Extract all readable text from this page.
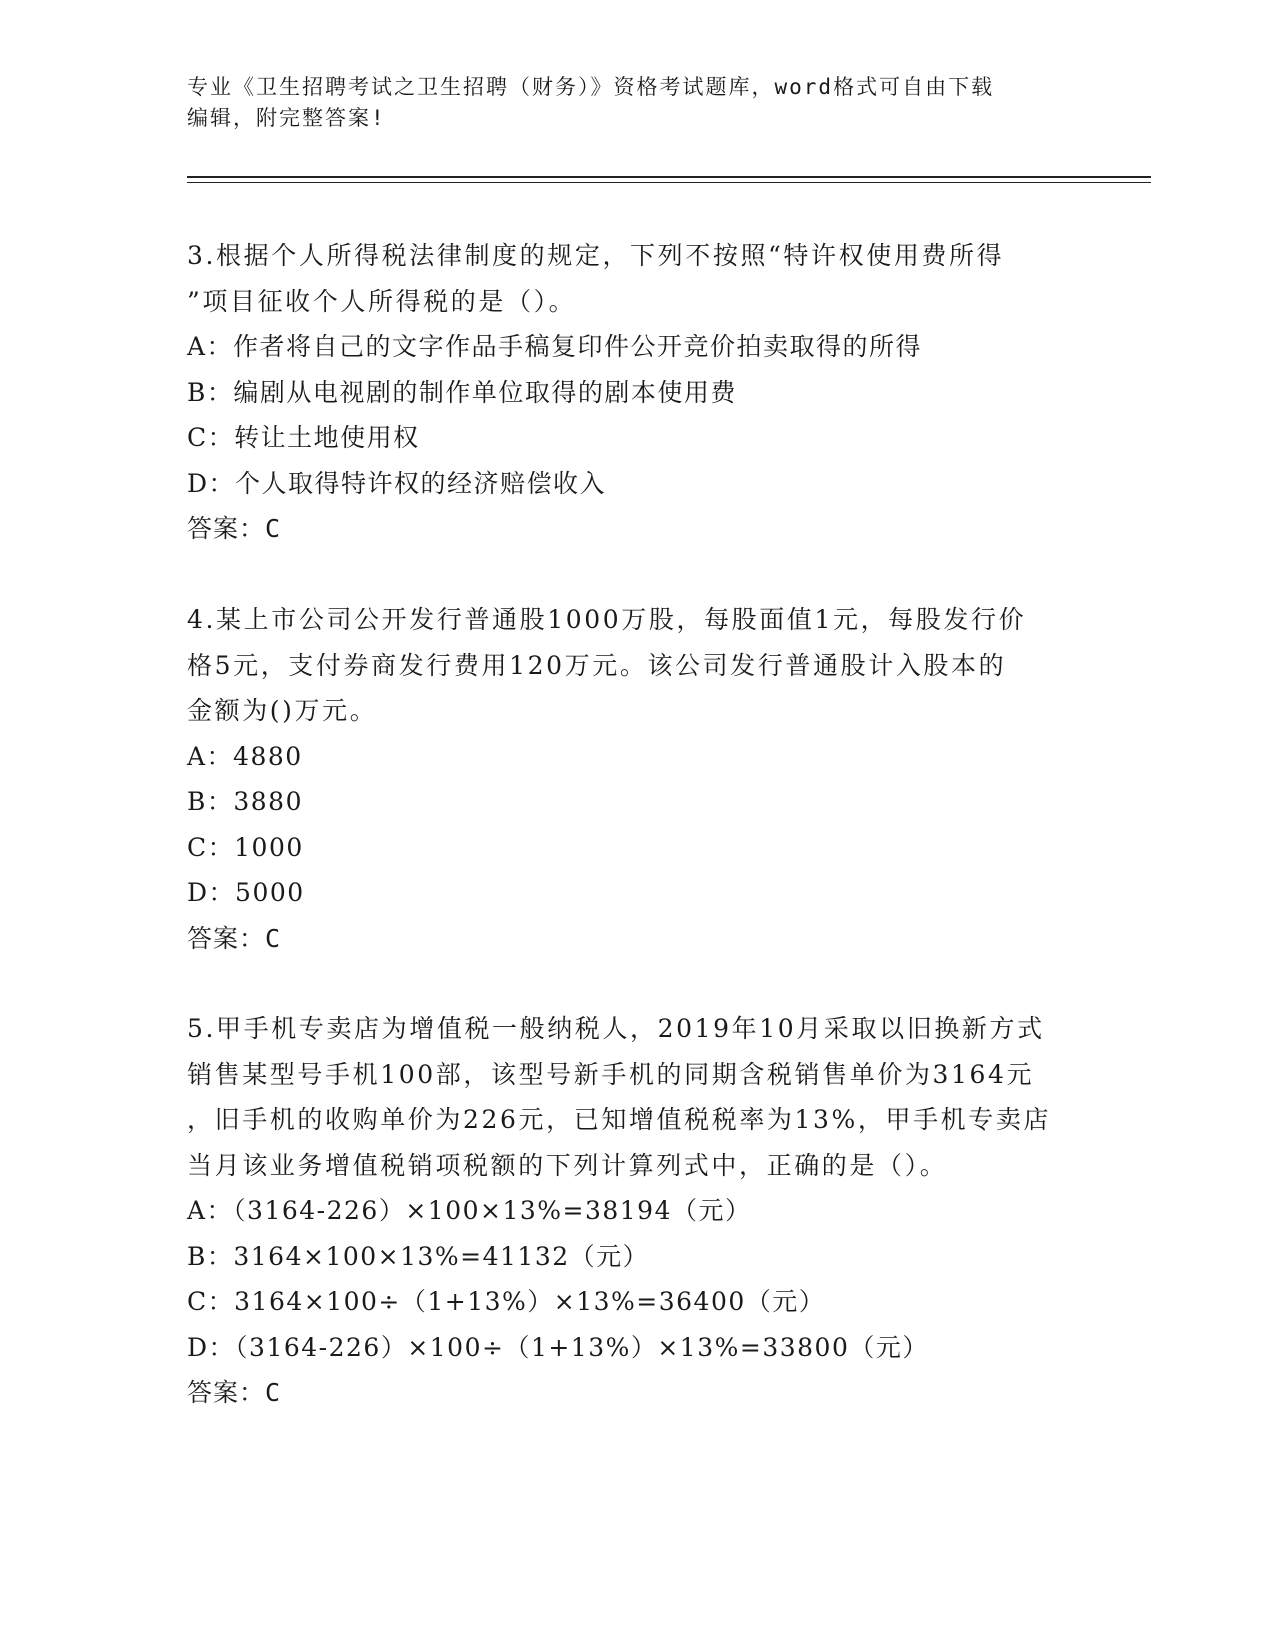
专业《卫生招聘考试之卫生招聘（财务）》资格考试题库，word格式可自由下载
编辑，附完整答案!

3.根据个人所得税法律制度的规定，下列不按照“特许权使用费所得
”项目征收个人所得税的是（）。

A：作者将自己的文字作品手稿复印件公开竞价拍卖取得的所得

B：编剧从电视剧的制作单位取得的剧本使用费

C：转让土地使用权

D：个人取得特许权的经济赔偿收入

答案：C

4.某上市公司公开发行普通股1000万股，每股面值1元，每股发行价
格5元，支付券商发行费用120万元。该公司发行普通股计入股本的
金额为()万元。

A：4880

B：3880

C：1000

D：5000

答案：C

5.甲手机专卖店为增值税一般纳税人，2019年10月采取以旧换新方式
销售某型号手机100部，该型号新手机的同期含税销售单价为3164元
，旧手机的收购单价为226元，已知增值税税率为13%，甲手机专卖店
当月该业务增值税销项税额的下列计算列式中，正确的是（）。

A：（3164-226）×100×13%=38194（元）

B：3164×100×13%=41132（元）

C：3164×100÷（1+13%）×13%=36400（元）

D：（3164-226）×100÷（1+13%）×13%=33800（元）

答案：C
